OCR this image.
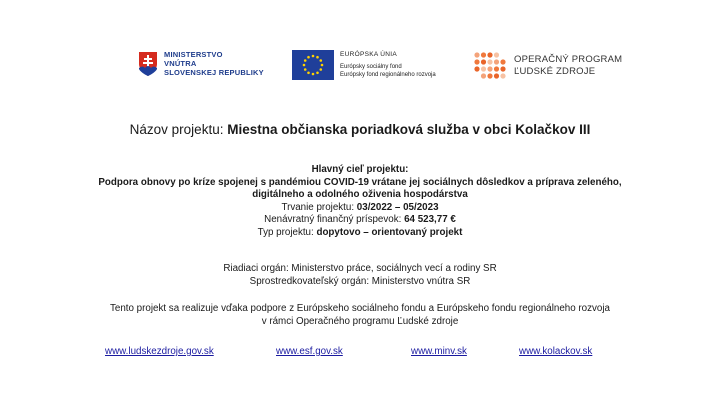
MINISTERSTVO
VNÚTRA
SLOVENSKEJ REPUBLIKY
EURÓPSKA ÚNIA
Európsky sociálny fond
Európsky fond regionálneho rozvoja
OPERAČNÝ PROGRAM
ĽUDSKÉ ZDROJE
Názov projektu: Miestna občianska poriadková služba v obci Kolačkov III
Hlavný cieľ projektu:
Podpora obnovy po kríze spojenej s pandémiou COVID-19 vrátane jej sociálnych dôsledkov a príprava zeleného, digitálneho a odolného oživenia hospodárstva
Trvanie projektu: 03/2022 – 05/2023
Nenávratný finančný príspevok: 64 523,77 €
Typ projektu: dopytovo – orientovaný projekt
Riadiaci orgán: Ministerstvo práce, sociálnych vecí a rodiny SR
Sprostredkovateľský orgán: Ministerstvo vnútra SR
Tento projekt sa realizuje vďaka podpore z Európskeho sociálneho fondu a Európskeho fondu regionálneho rozvoja
v rámci Operačného programu Ľudské zdroje
www.ludskezdroje.gov.sk	www.esf.gov.sk	www.minv.sk	www.kolackov.sk
